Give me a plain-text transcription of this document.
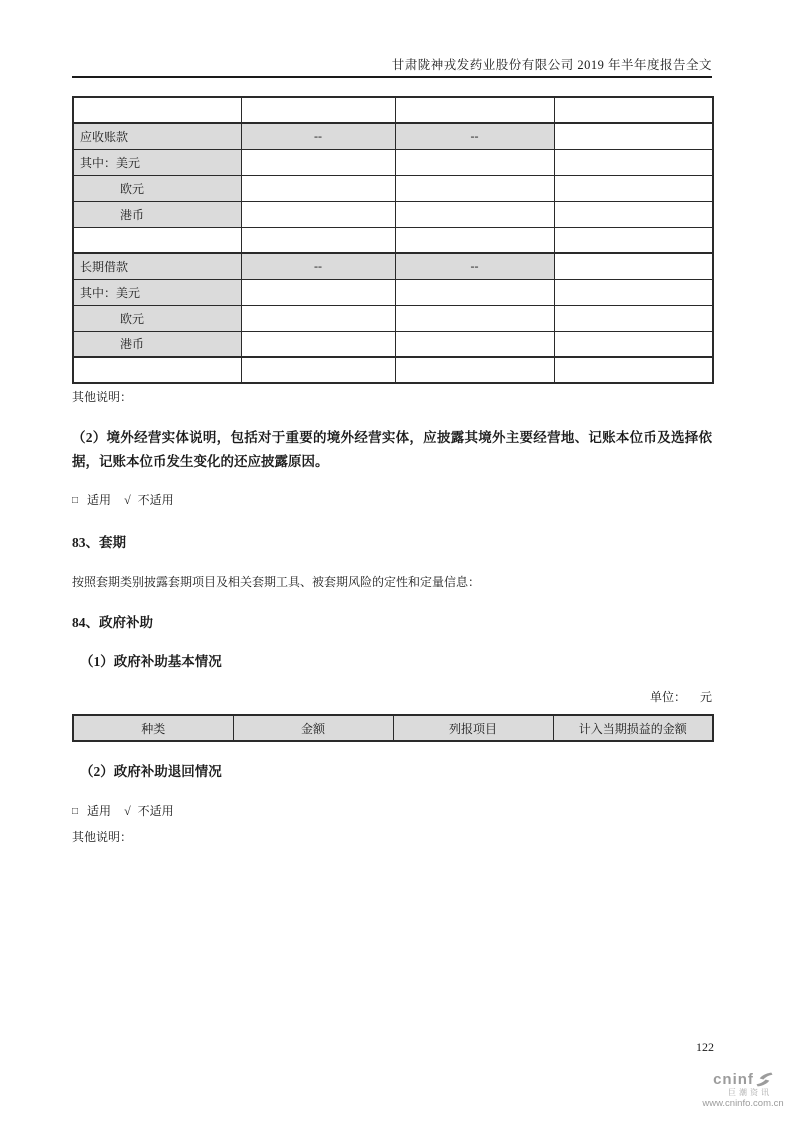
甘肃陇神戎发药业股份有限公司 2019 年半年度报告全文

应收账款	--	--	
其中：美元			
欧元			
港币			

长期借款	--	--	
其中：美元			
欧元			
港币			

其他说明：
（2）境外经营实体说明，包括对于重要的境外经营实体，应披露其境外主要经营地、记账本位币及选择依据，记账本位币发生变化的还应披露原因。
□ 适用 √ 不适用
83、套期
按照套期类别披露套期项目及相关套期工具、被套期风险的定性和定量信息：
84、政府补助
（1）政府补助基本情况
单位： 元
种类	金额	列报项目	计入当期损益的金额
（2）政府补助退回情况
□ 适用 √ 不适用
其他说明：
122
cninf
巨潮资讯
www.cninfo.com.cn
